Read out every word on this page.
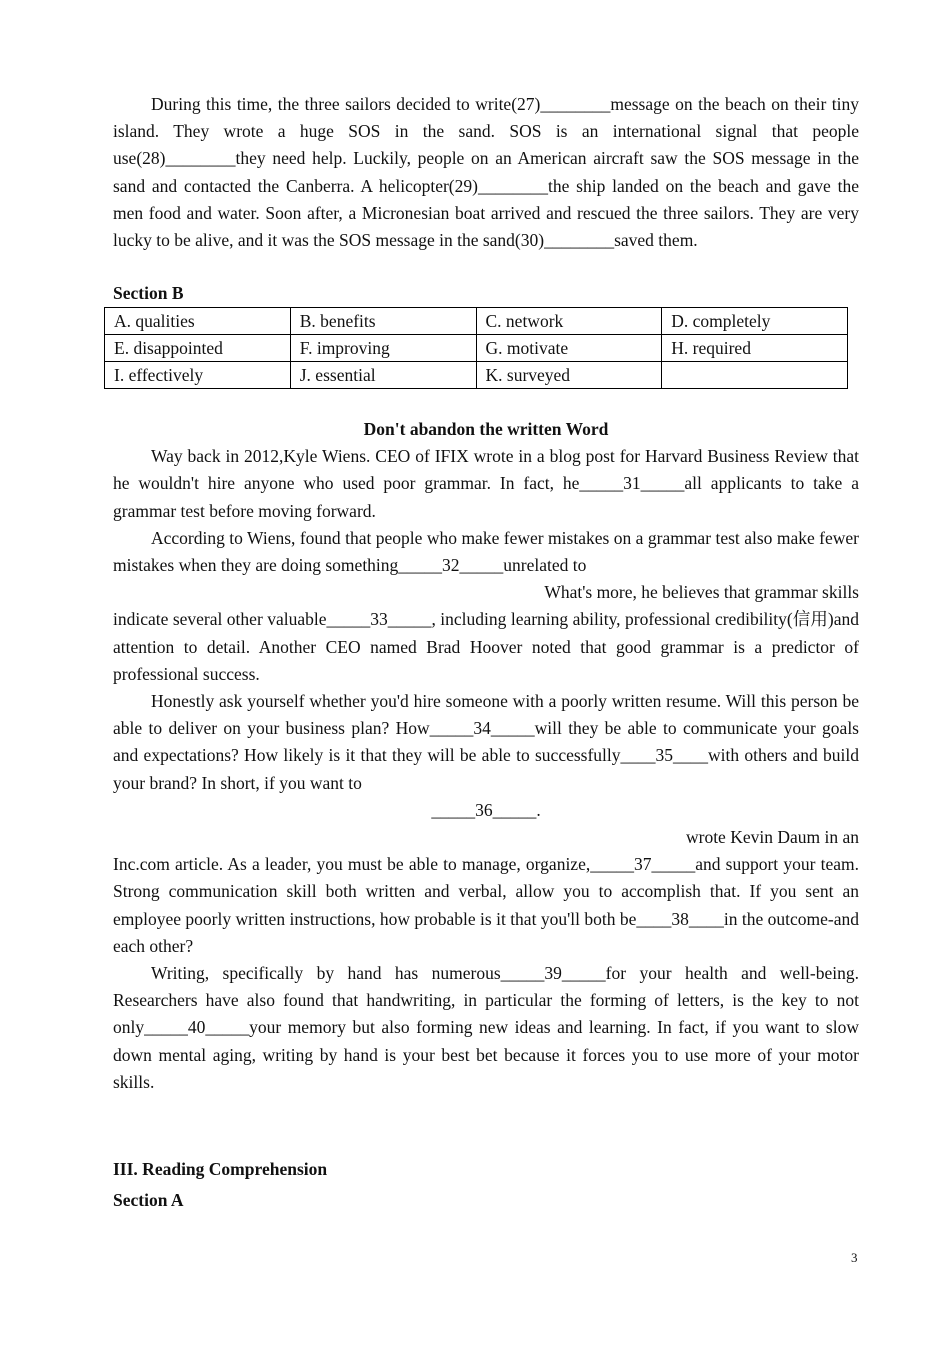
During this time, the three sailors decided to write(27)________message on the beach on their tiny island. They wrote a huge SOS in the sand. SOS is an international signal that people use(28)________they need help. Luckily, people on an American aircraft saw the SOS message in the sand and contacted the Canberra. A helicopter(29)________the ship landed on the beach and gave the men food and water. Soon after, a Micronesian boat arrived and rescued the three sailors. They are very lucky to be alive, and it was the SOS message in the sand(30)________saved them.

Section B

A. qualities	B. benefits	C. network	D. completely
E. disappointed	F. improving	G. motivate	H. required
I. effectively	J. essential	K. surveyed	

Don't abandon the written Word

Way back in 2012,Kyle Wiens. CEO of IFIX wrote in a blog post for Harvard Business Review that he wouldn't hire anyone who used poor grammar. In fact, he_____31_____all applicants to take a grammar test before moving forward.

According to Wiens, found that people who make fewer mistakes on a grammar test also make fewer mistakes when they are doing something_____32_____unrelated to

What's more, he believes that grammar skills

indicate several other valuable_____33_____, including learning ability, professional credibility(信用)and attention to detail. Another CEO named Brad Hoover noted that good grammar is a predictor of professional success.

Honestly ask yourself whether you'd hire someone with a poorly written resume. Will this person be able to deliver on your business plan? How_____34_____will they be able to communicate your goals and expectations? How likely is it that they will be able to successfully____35____with others and build your brand? In short, if you want to

_____36_____.

wrote Kevin Daum in an

Inc.com article. As a leader, you must be able to manage, organize,_____37_____and support your team. Strong communication skill both written and verbal, allow you to accomplish that. If you sent an employee poorly written instructions, how probable is it that you'll both be____38____in the outcome-and each other?

Writing, specifically by hand has numerous_____39_____for your health and well-being. Researchers have also found that handwriting, in particular the forming of letters, is the key to not only_____40_____your memory but also forming new ideas and learning. In fact, if you want to slow down mental aging, writing by hand is your best bet because it forces you to use more of your motor skills.

III. Reading Comprehension

Section A

3
